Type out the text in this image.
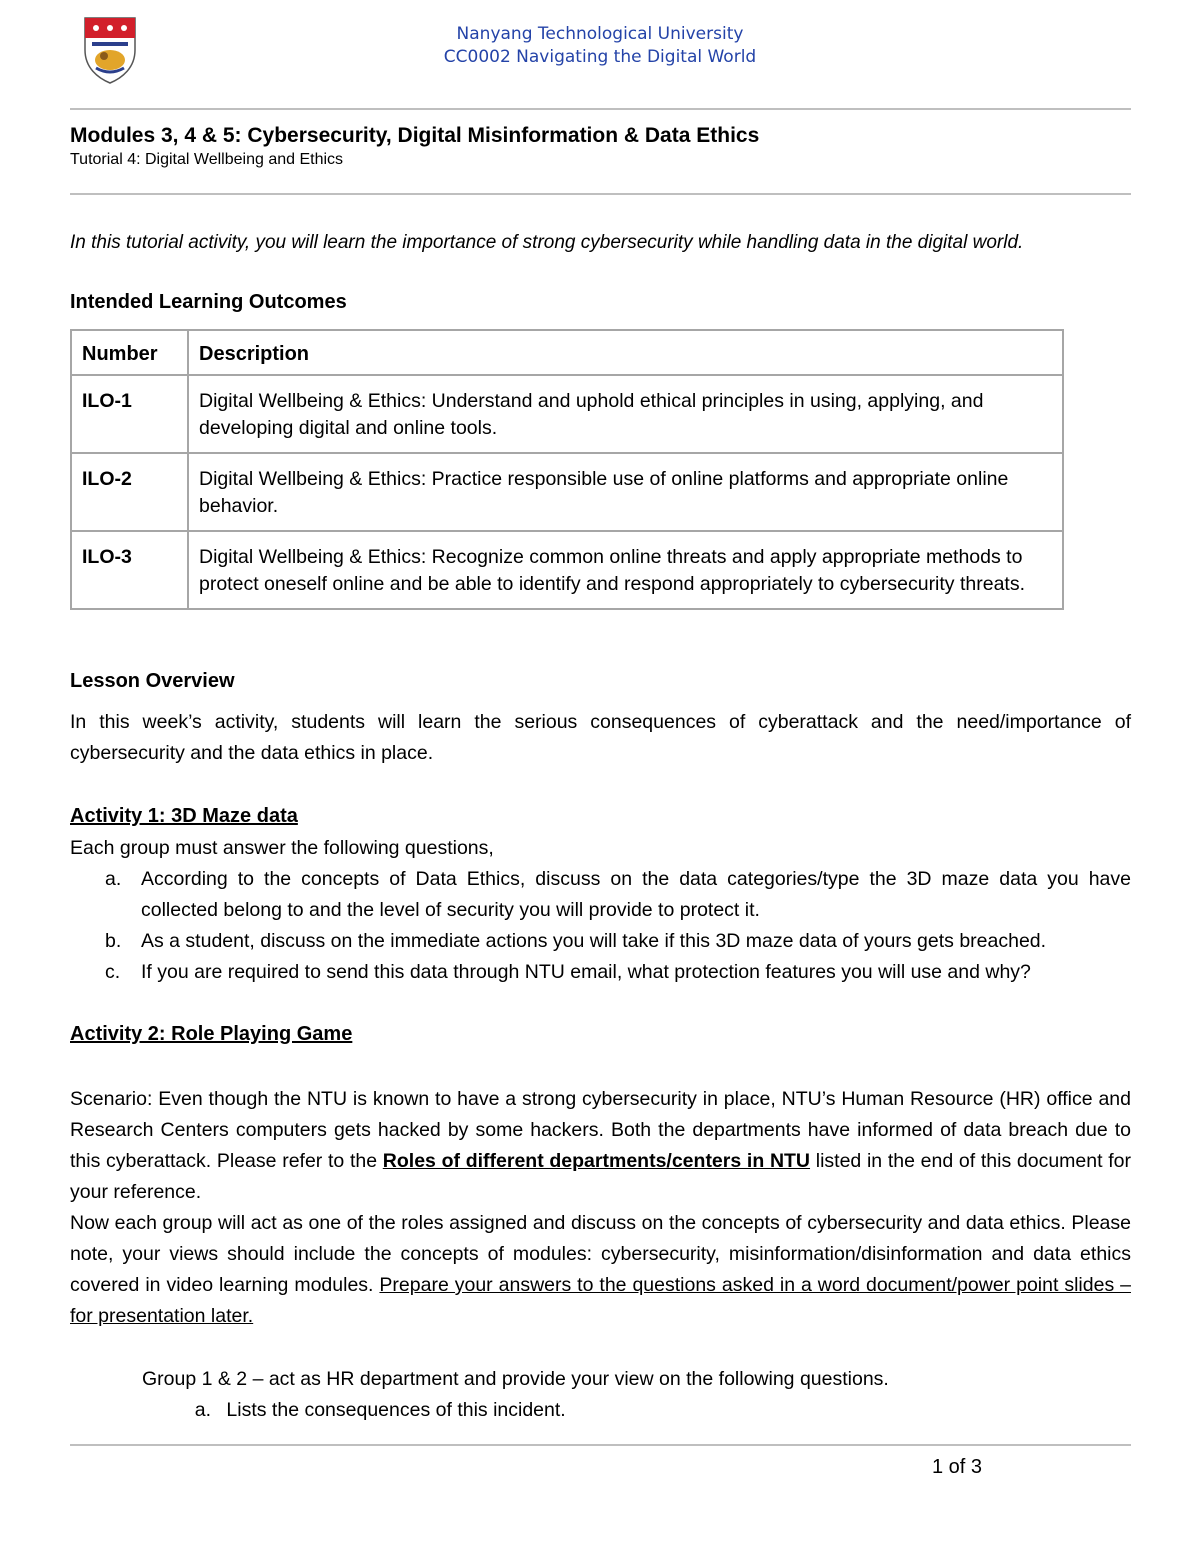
Nanyang Technological University
CC0002 Navigating the Digital World
Modules 3, 4 & 5: Cybersecurity, Digital Misinformation & Data Ethics
Tutorial 4: Digital Wellbeing and Ethics
In this tutorial activity, you will learn the importance of strong cybersecurity while handling data in the digital world.
Intended Learning Outcomes
Number	Description
ILO-1	Digital Wellbeing & Ethics: Understand and uphold ethical principles in using, applying, and developing digital and online tools.
ILO-2	Digital Wellbeing & Ethics: Practice responsible use of online platforms and appropriate online behavior.
ILO-3	Digital Wellbeing & Ethics: Recognize common online threats and apply appropriate methods to protect oneself online and be able to identify and respond appropriately to cybersecurity threats.
Lesson Overview
In this week’s activity, students will learn the serious consequences of cyberattack and the need/importance of cybersecurity and the data ethics in place.
Activity 1: 3D Maze data
Each group must answer the following questions,
a. According to the concepts of Data Ethics, discuss on the data categories/type the 3D maze data you have collected belong to and the level of security you will provide to protect it.
b. As a student, discuss on the immediate actions you will take if this 3D maze data of yours gets breached.
c. If you are required to send this data through NTU email, what protection features you will use and why?
Activity 2: Role Playing Game
Scenario: Even though the NTU is known to have a strong cybersecurity in place, NTU’s Human Resource (HR) office and Research Centers computers gets hacked by some hackers. Both the departments have informed of data breach due to this cyberattack. Please refer to the Roles of different departments/centers in NTU listed in the end of this document for your reference.
Now each group will act as one of the roles assigned and discuss on the concepts of cybersecurity and data ethics. Please note, your views should include the concepts of modules: cybersecurity, misinformation/disinformation and data ethics covered in video learning modules. Prepare your answers to the questions asked in a word document/power point slides – for presentation later.
Group 1 & 2 – act as HR department and provide your view on the following questions.
a. Lists the consequences of this incident.
1 of 3
